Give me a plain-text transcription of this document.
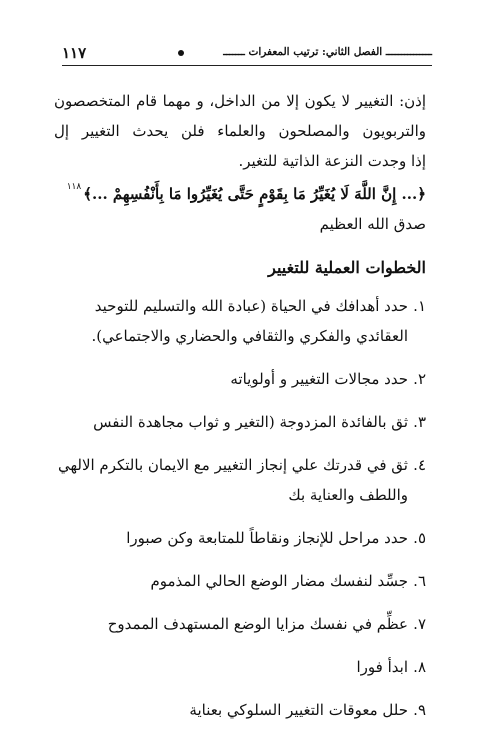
١١٧	ـــــــــــــــ الفصل الثاني: ترتيب المعفرات ـــــــ
إذن: التغيير لا يكون إلا من الداخل، و مهما قام المتخصصون
والتربويون والمصلحون والعلماء فلن يحدث التغيير إل
إذا وجدت النزعة الذاتية للتغير.
﴿... إِنَّ اللَّهَ لَا يُغَيِّرُ مَا بِقَوْمٍ حَتَّى يُغَيِّرُوا مَا بِأَنْفُسِهِمْ ...﴾$^{١١٨}$
صدق الله العظيم
الخطوات العملية للتغيير
١.حدد أهدافك في الحياة (عبادة الله والتسليم للتوحيد
العقائدي والفكري والثقافي والحضاري والاجتماعي).
٢.حدد مجالات التغيير و أولوياته
٣.ثق بالفائدة المزدوجة (التغير و ثواب مجاهدة النفس
٤.ثق في قدرتك علي إنجاز التغيير مع الايمان بالتكرم الالهي
واللطف والعناية بك
٥.حدد مراحل للإنجاز ونقاطاً للمتابعة وكن صبورا
٦.جسِّد لنفسك مضار الوضع الحالي المذموم
٧.عظِّم في نفسك مزايا الوضع المستهدف الممدوح
٨.ابدأ فورا
٩.حلل معوقات التغيير السلوكي بعناية
